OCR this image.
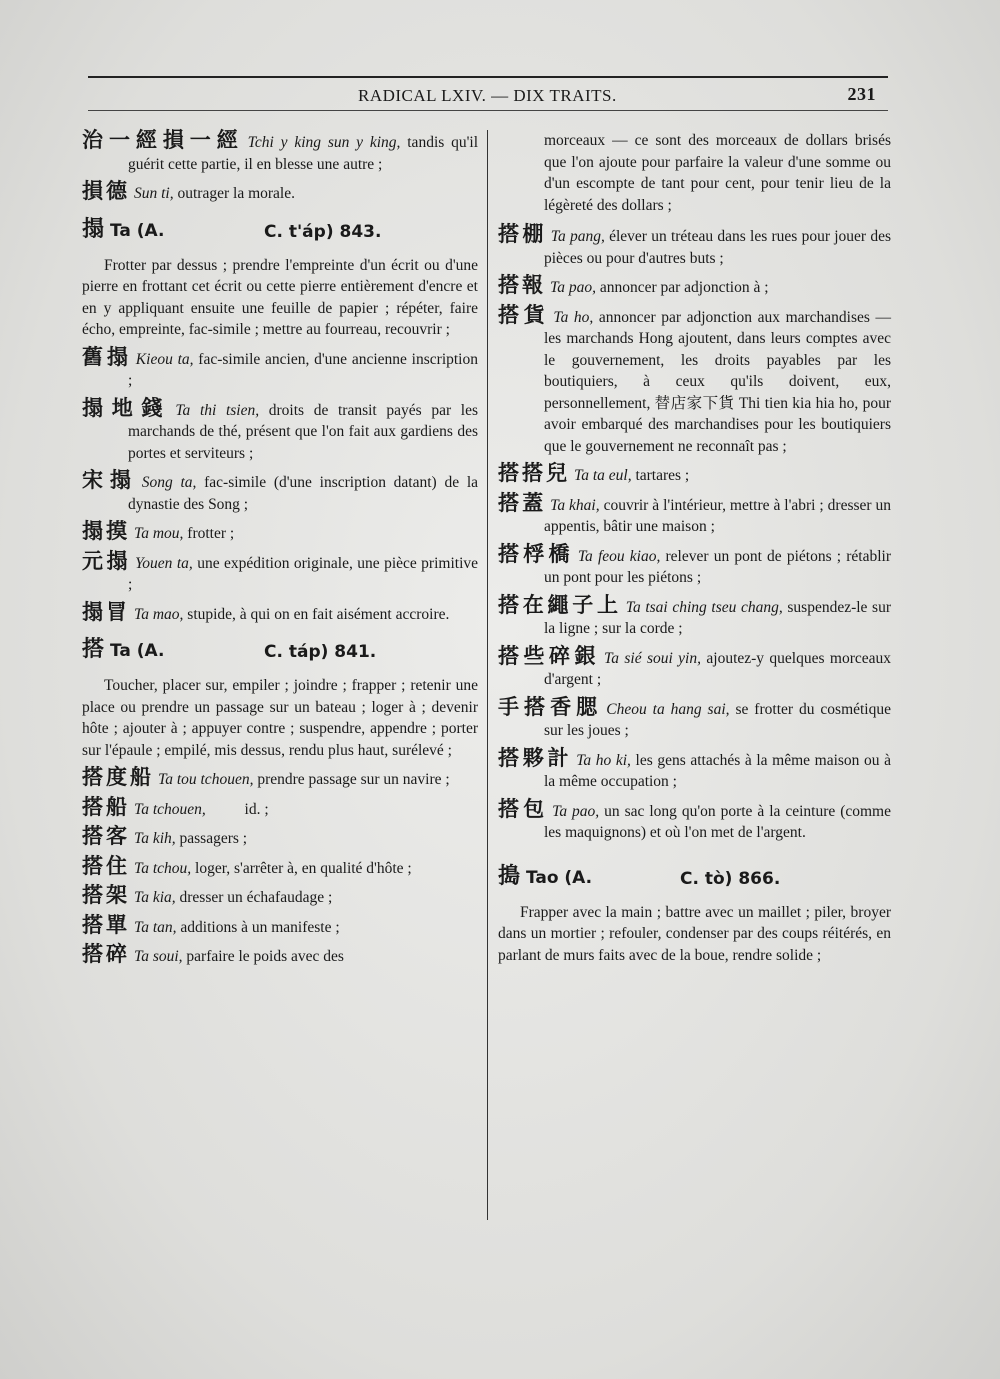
RADICAL LXIV. — DIX TRAITS.	231
治一經損一經 Tchi y king sun y king, tandis qu'il guérit cette partie, il en blesse une autre ;
損德 Sun ti, outrager la morale.
搨 Ta (A.	C. t'áp) 843.

Frotter par dessus ; prendre l'empreinte d'un écrit ou d'une pierre en frottant cet écrit ou cette pierre entièrement d'encre et en y appliquant ensuite une feuille de papier ; répéter, faire écho, empreinte, fac-simile ; mettre au fourreau, recouvrir ;

舊搨 Kieou ta, fac-simile ancien, d'une ancienne inscription ;
搨地錢 Ta thi tsien, droits de transit payés par les marchands de thé, présent que l'on fait aux gardiens des portes et serviteurs ;
宋搨 Song ta, fac-simile (d'une inscription datant) de la dynastie des Song ;
搨摸 Ta mou, frotter ;
元搨 Youen ta, une expédition originale, une pièce primitive ;
搨冒 Ta mao, stupide, à qui on en fait aisément accroire.
搭 Ta (A.	C. táp) 841.

Toucher, placer sur, empiler ; joindre ; frapper ; retenir une place ou prendre un passage sur un bateau ; loger à ; devenir hôte ; ajouter à ; appuyer contre ; suspendre, appendre ; porter sur l'épaule ; empilé, mis dessus, rendu plus haut, surélevé ;

搭度船 Ta tou tchouen, prendre passage sur un navire ;
搭船 Ta tchouen,          id. ;
搭客 Ta kih, passagers ;
搭住 Ta tchou, loger, s'arrêter à, en qualité d'hôte ;
搭架 Ta kia, dresser un échafaudage ;
搭單 Ta tan, additions à un manifeste ;
搭碎 Ta soui, parfaire le poids avec des
morceaux — ce sont des morceaux de dollars brisés que l'on ajoute pour parfaire la valeur d'une somme ou d'un escompte de tant pour cent, pour tenir lieu de la légèreté des dollars ;
搭棚 Ta pang, élever un tréteau dans les rues pour jouer des pièces ou pour d'autres buts ;
搭報 Ta pao, annoncer par adjonction à ;
搭貨 Ta ho, annoncer par adjonction aux marchandises — les marchands Hong ajoutent, dans leurs comptes avec le gouvernement, les droits payables par les boutiquiers, à ceux qu'ils doivent, eux, personnellement, 替店家下貨 Thi tien kia hia ho, pour avoir embarqué des marchandises pour les boutiquiers que le gouvernement ne reconnaît pas ;
搭搭兒 Ta ta eul, tartares ;
搭蓋 Ta khai, couvrir à l'intérieur, mettre à l'abri ; dresser un appentis, bâtir une maison ;
搭桴橋 Ta feou kiao, relever un pont de piétons ; rétablir un pont pour les piétons ;
搭在繩子上 Ta tsai ching tseu chang, suspendez-le sur la ligne ; sur la corde ;
搭些碎銀 Ta sié soui yin, ajoutez-y quelques morceaux d'argent ;
手搭香腮 Cheou ta hang sai, se frotter du cosmétique sur les joues ;
搭夥計 Ta ho ki, les gens attachés à la même maison ou à la même occupation ;
搭包 Ta pao, un sac long qu'on porte à la ceinture (comme les maquignons) et où l'on met de l'argent.
搗 Tao (A.	C. tò) 866.

Frapper avec la main ; battre avec un maillet ; piler, broyer dans un mortier ; refouler, condenser par des coups réitérés, en parlant de murs faits avec de la boue, rendre solide ;
